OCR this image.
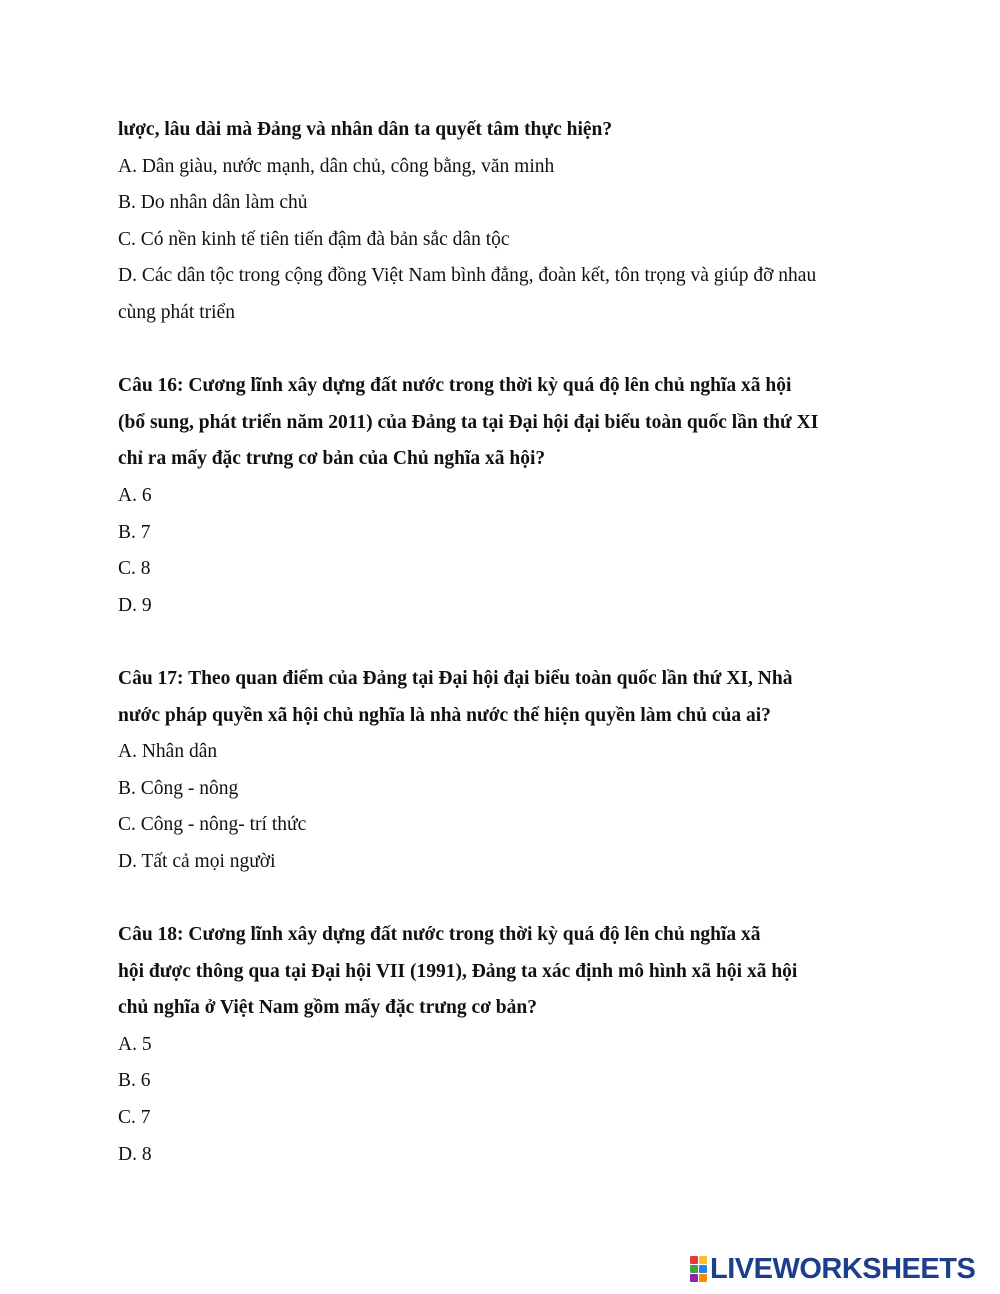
lược, lâu dài mà Đảng và nhân dân ta quyết tâm thực hiện?
A. Dân giàu, nước mạnh, dân chủ, công bằng, văn minh
B. Do nhân dân làm chủ
C. Có nền kinh tế tiên tiến đậm đà bản sắc dân tộc
D. Các dân tộc trong cộng đồng Việt Nam bình đẳng, đoàn kết, tôn trọng và giúp đỡ nhau
cùng phát triển
Câu 16: Cương lĩnh xây dựng đất nước trong thời kỳ quá độ lên chủ nghĩa xã hội
(bổ sung, phát triển năm 2011) của Đảng ta tại Đại hội đại biểu toàn quốc lần thứ XI
chỉ ra mấy đặc trưng cơ bản của Chủ nghĩa xã hội?
A. 6
B. 7
C. 8
D. 9
Câu 17: Theo quan điểm của Đảng tại Đại hội đại biểu toàn quốc lần thứ XI, Nhà
nước pháp quyền xã hội chủ nghĩa là nhà nước thể hiện quyền làm chủ của ai?
A. Nhân dân
B. Công - nông
C. Công - nông- trí thức
D. Tất cả mọi người
Câu 18: Cương lĩnh xây dựng đất nước trong thời kỳ quá độ lên chủ nghĩa xã
hội được thông qua tại Đại hội VII (1991), Đảng ta xác định mô hình xã hội xã hội
chủ nghĩa ở Việt Nam gồm mấy đặc trưng cơ bản?
A. 5
B. 6
C. 7
D. 8
LIVEWORKSHEETS
